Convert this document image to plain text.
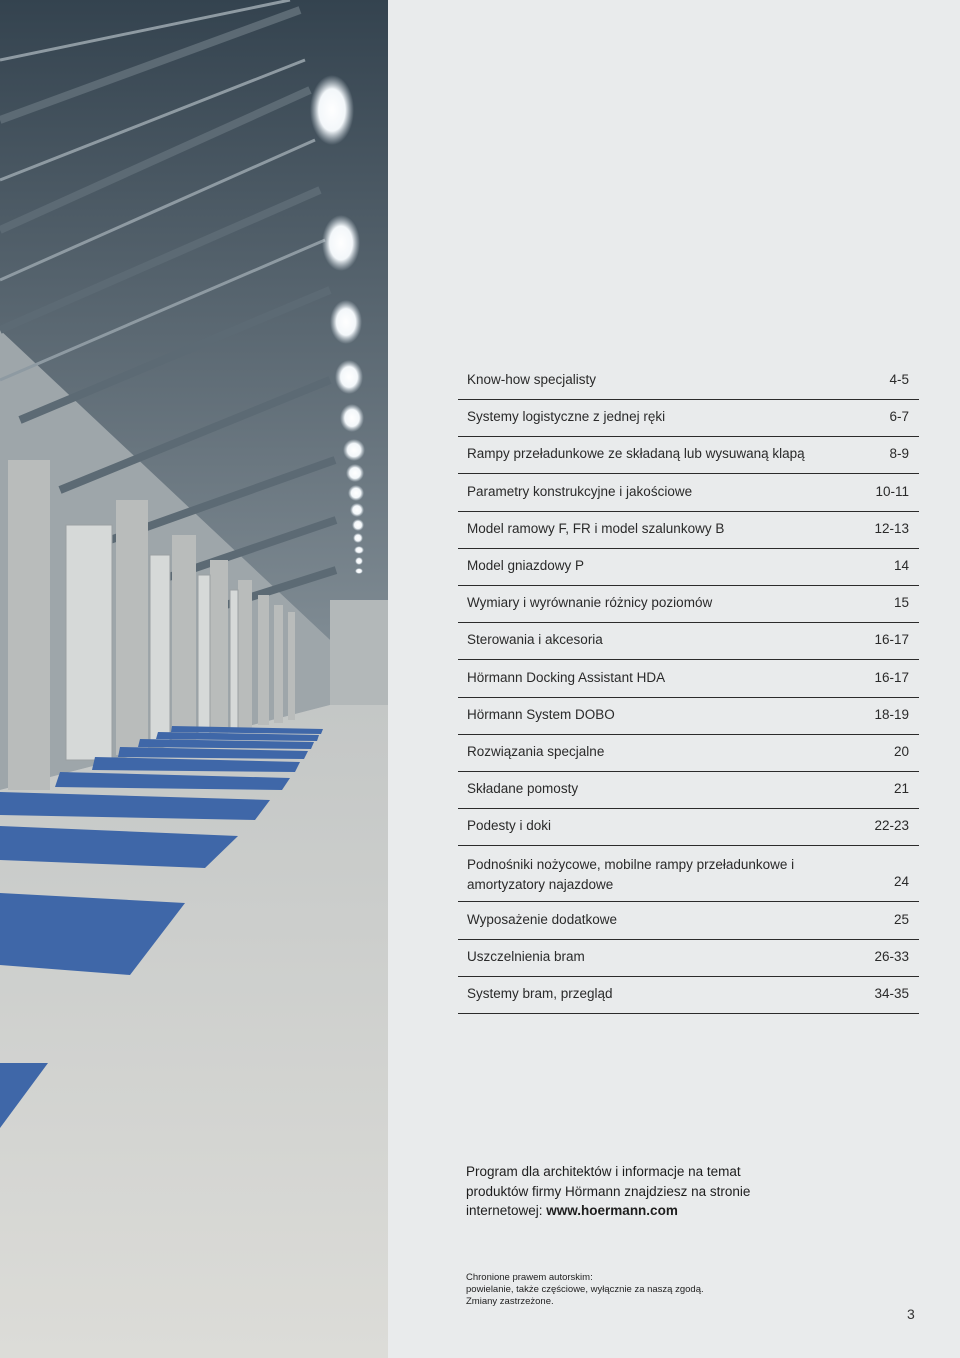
Know-how specjalisty	4-5
Systemy logistyczne z jednej ręki	6-7
Rampy przeładunkowe ze składaną lub wysuwaną klapą	8-9
Parametry konstrukcyjne i jakościowe	10-11
Model ramowy F, FR i model szalunkowy B	12-13
Model gniazdowy P	14
Wymiary i wyrównanie różnicy poziomów	15
Sterowania i akcesoria	16-17
Hörmann Docking Assistant HDA	16-17
Hörmann System DOBO	18-19
Rozwiązania specjalne	20
Składane pomosty	21
Podesty i doki	22-23
Podnośniki nożycowe, mobilne rampy przeładunkowe i amortyzatory najazdowe	24
Wyposażenie dodatkowe	25
Uszczelnienia bram	26-33
Systemy bram, przegląd	34-35
Program dla architektów i informacje na temat produktów firmy Hörmann znajdziesz na stronie internetowej: www.hoermann.com
Chronione prawem autorskim:
powielanie, także częściowe, wyłącznie za naszą zgodą.
Zmiany zastrzeżone.
3
